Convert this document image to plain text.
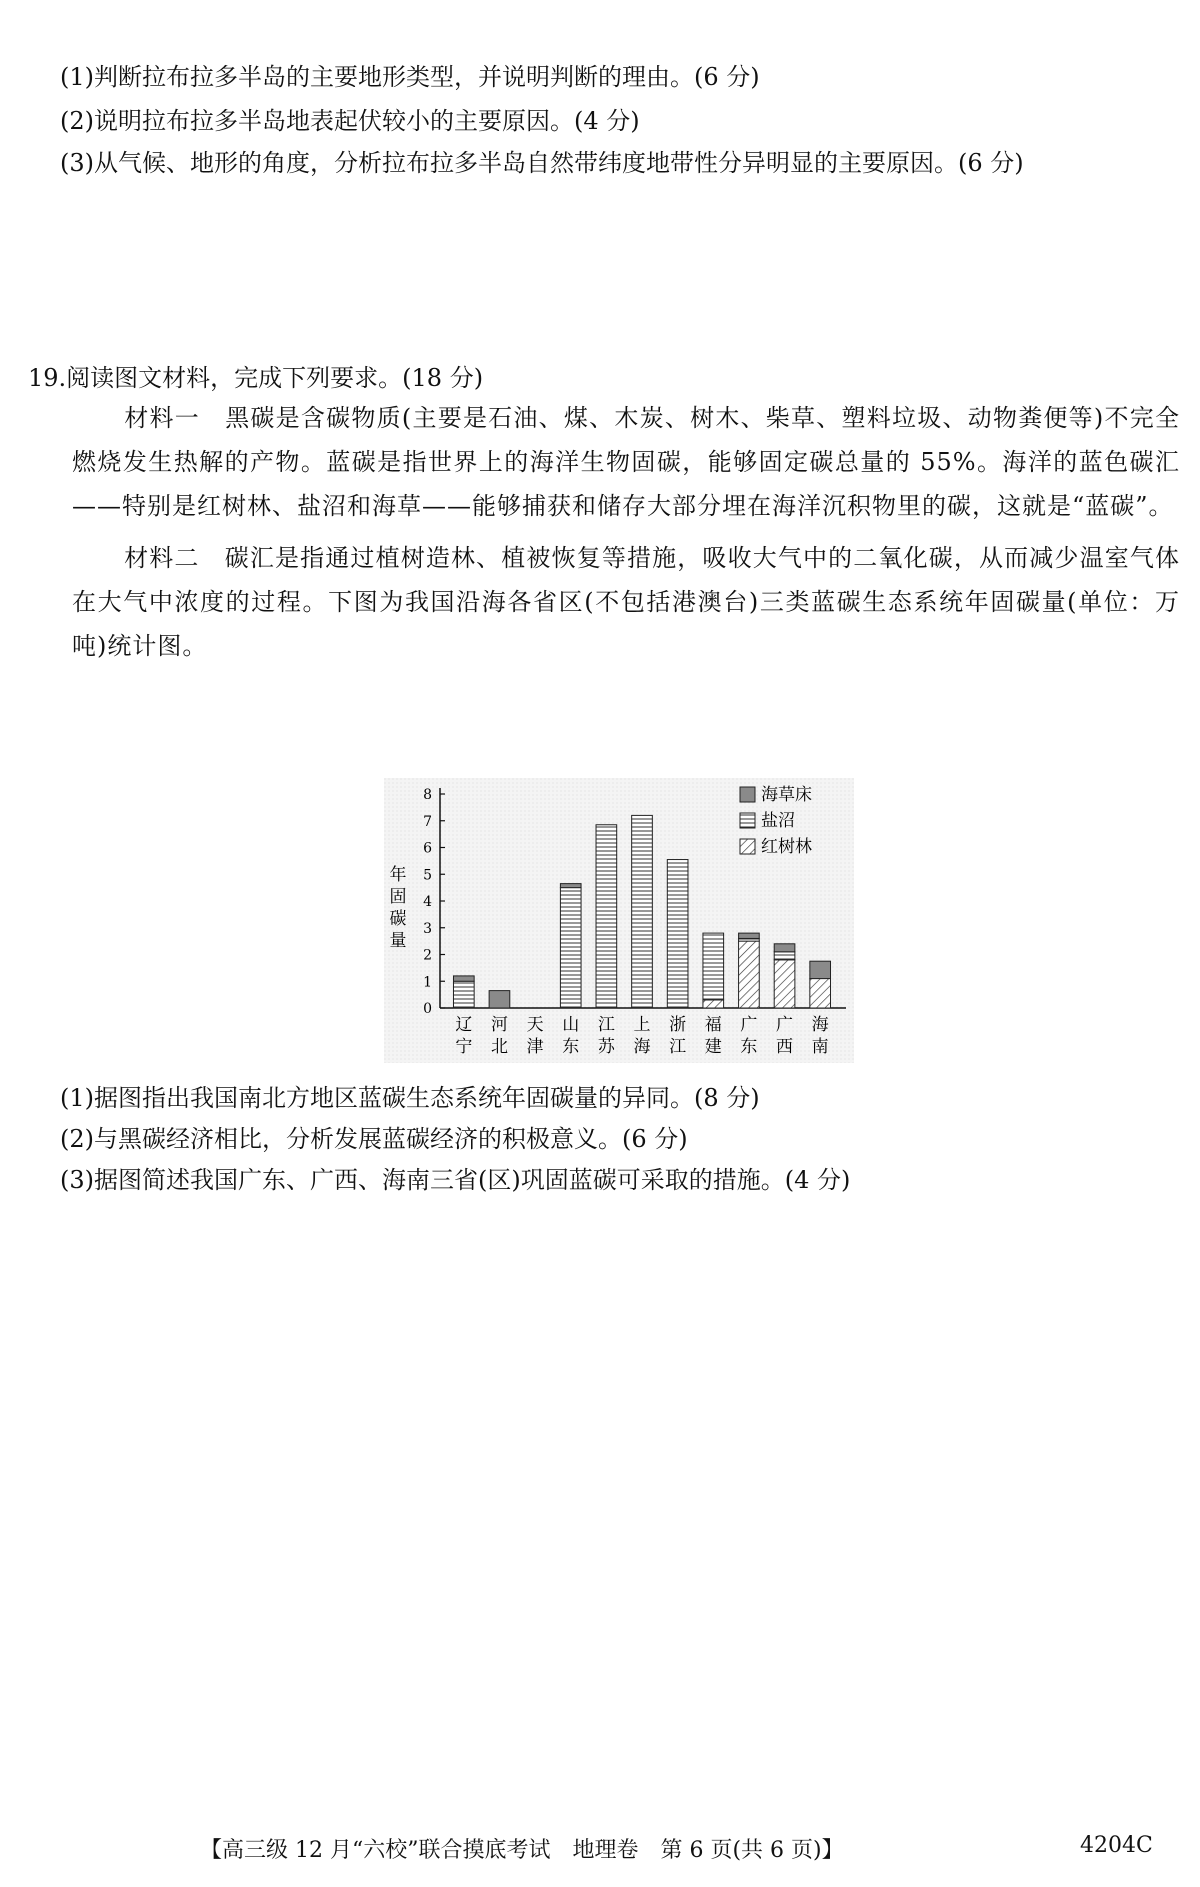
(1)判断拉布拉多半岛的主要地形类型，并说明判断的理由。(6 分)
(2)说明拉布拉多半岛地表起伏较小的主要原因。(4 分)
(3)从气候、地形的角度，分析拉布拉多半岛自然带纬度地带性分异明显的主要原因。(6 分)
19.阅读图文材料，完成下列要求。(18 分)
材料一　黑碳是含碳物质(主要是石油、煤、木炭、树木、柴草、塑料垃圾、动物粪便等)不完全燃烧发生热解的产物。蓝碳是指世界上的海洋生物固碳，能够固定碳总量的 55%。海洋的蓝色碳汇——特别是红树林、盐沼和海草——能够捕获和储存大部分埋在海洋沉积物里的碳，这就是“蓝碳”。
材料二　碳汇是指通过植树造林、植被恢复等措施，吸收大气中的二氧化碳，从而减少温室气体在大气中浓度的过程。下图为我国沿海各省区(不包括港澳台)三类蓝碳生态系统年固碳量(单位：万吨)统计图。
年
固
碳
量
0
1
2
3
4
5
6
7
8
辽
宁
河
北
天
津
山
东
江
苏
上
海
浙
江
福
建
广
东
广
西
海
南
海草床
盐沼
红树林
(1)据图指出我国南北方地区蓝碳生态系统年固碳量的异同。(8 分)
(2)与黑碳经济相比，分析发展蓝碳经济的积极意义。(6 分)
(3)据图简述我国广东、广西、海南三省(区)巩固蓝碳可采取的措施。(4 分)
【高三级 12 月“六校”联合摸底考试　地理卷　第 6 页(共 6 页)】	4204C
